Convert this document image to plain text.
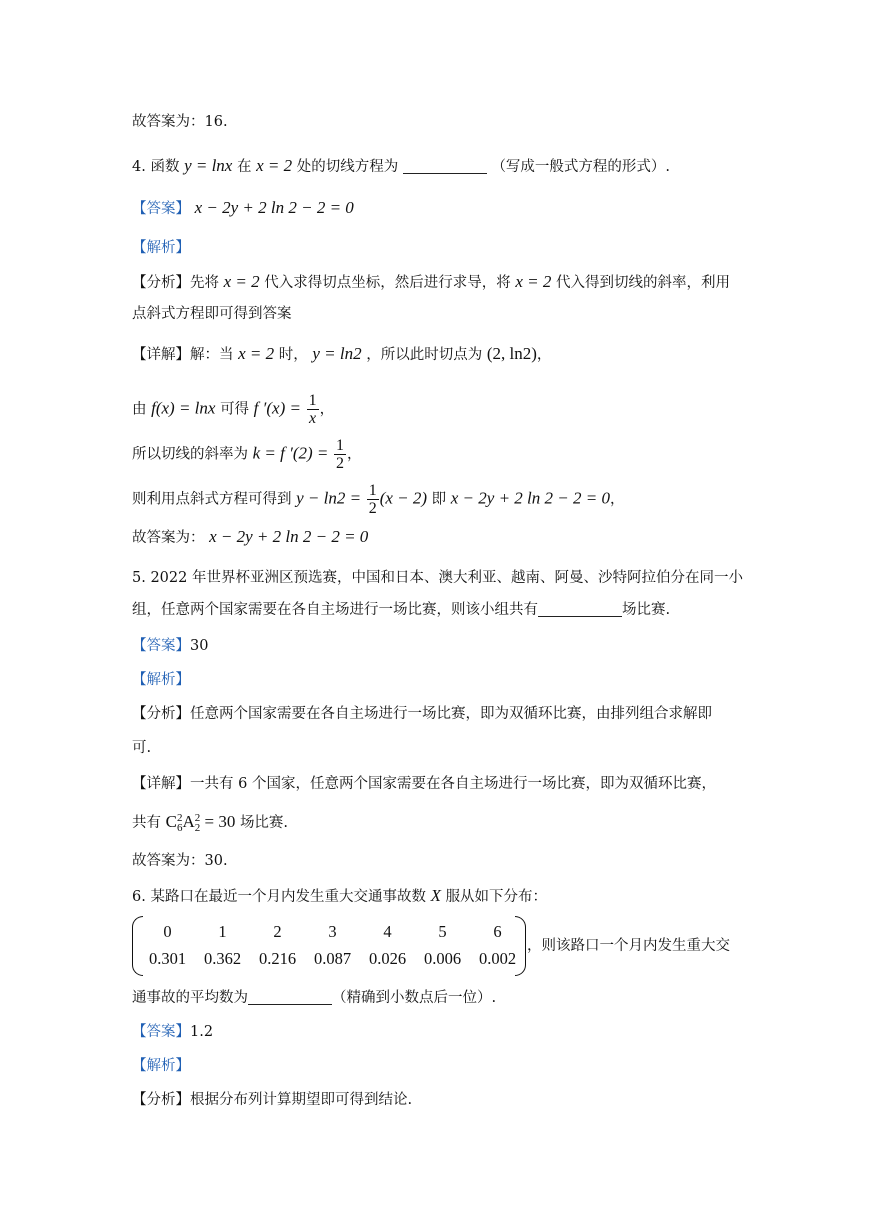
故答案为：16.
4. 函数 y = lnx 在 x = 2 处的切线方程为	（写成一般式方程的形式）.
【答案】 x − 2y + 2 ln 2 − 2 = 0
【解析】
【分析】先将 x = 2 代入求得切点坐标，然后进行求导，将 x = 2 代入得到切线的斜率，利用
点斜式方程即可得到答案
【详解】解：当 x = 2 时， y = ln2 ，所以此时切点为 (2, ln2)，
由 f(x) = lnx 可得 f $'(x) = \frac{1}{x}$ ，
所以切线的斜率为 k = f $'(2) = \frac{1}{2}$ ，
则利用点斜式方程可得到 $y - \ln 2 = \frac{1}{2} (x - 2)$ 即 x − 2y + 2 ln 2 − 2 = 0，
故答案为： x − 2y + 2 ln 2 − 2 = 0
5. 2022 年世界杯亚洲区预选赛，中国和日本、澳大利亚、越南、阿曼、沙特阿拉伯分在同一小
组，任意两个国家需要在各自主场进行一场比赛，则该小组共有	场比赛.
【答案】30
【解析】
【分析】任意两个国家需要在各自主场进行一场比赛，即为双循环比赛，由排列组合求解即
可.
【详解】一共有 6 个国家，任意两个国家需要在各自主场进行一场比赛，即为双循环比赛，
共有 C 2
6 A 2
2 = 30 场比赛.
故答案为：30.
6. 某路口在最近一个月内发生重大交通事故数 X 服从如下分布：
0	1	2	3	4	5	6
0.301	0.362	0.216	0.087	0.026	0.006	0.002
，则该路口一个月内发生重大交
通事故的平均数为	（精确到小数点后一位）.
【答案】1.2
【解析】
【分析】根据分布列计算期望即可得到结论.
